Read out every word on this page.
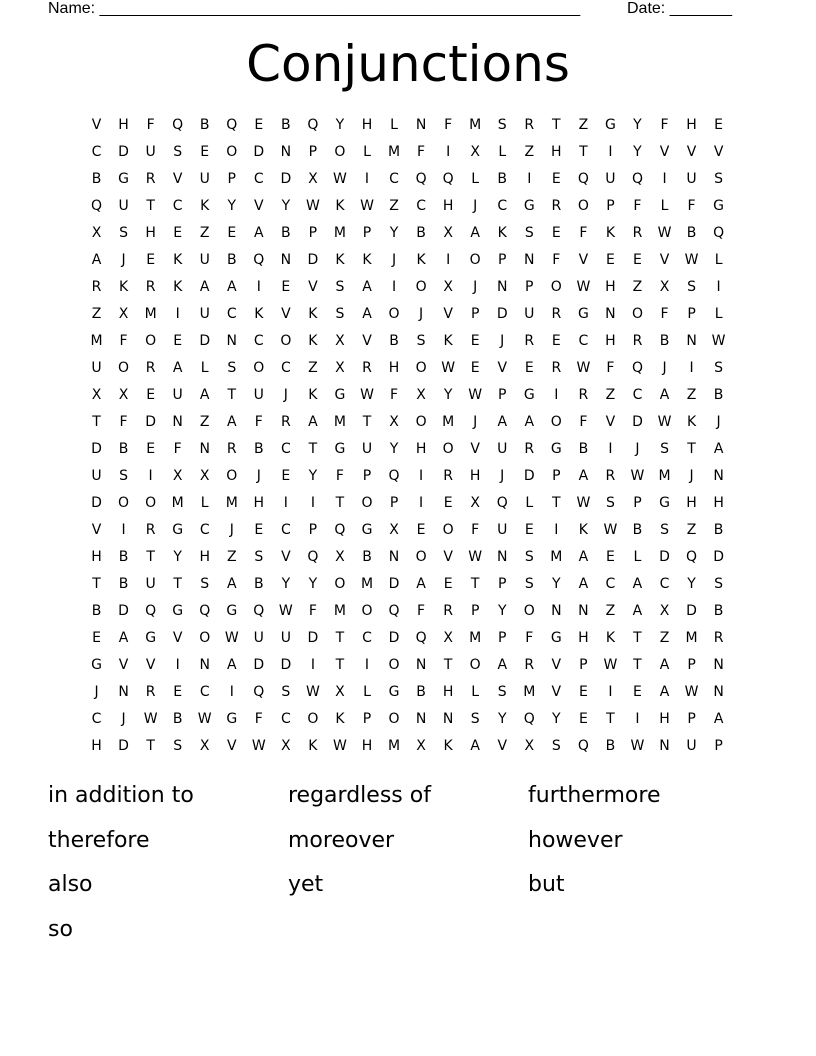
Name: ______________________________________________________	Date: _______
Conjunctions
V	H	F	Q	B	Q	E	B	Q	Y	H	L	N	F	M	S	R	T	Z	G	Y	F	H	E
C	D	U	S	E	O	D	N	P	O	L	M	F	I	X	L	Z	H	T	I	Y	V	V	V
B	G	R	V	U	P	C	D	X	W	I	C	Q	Q	L	B	I	E	Q	U	Q	I	U	S
Q	U	T	C	K	Y	V	Y	W	K	W	Z	C	H	J	C	G	R	O	P	F	L	F	G
X	S	H	E	Z	E	A	B	P	M	P	Y	B	X	A	K	S	E	F	K	R	W	B	Q
A	J	E	K	U	B	Q	N	D	K	K	J	K	I	O	P	N	F	V	E	E	V	W	L
R	K	R	K	A	A	I	E	V	S	A	I	O	X	J	N	P	O	W	H	Z	X	S	I
Z	X	M	I	U	C	K	V	K	S	A	O	J	V	P	D	U	R	G	N	O	F	P	L
M	F	O	E	D	N	C	O	K	X	V	B	S	K	E	J	R	E	C	H	R	B	N	W
U	O	R	A	L	S	O	C	Z	X	R	H	O	W	E	V	E	R	W	F	Q	J	I	S
X	X	E	U	A	T	U	J	K	G	W	F	X	Y	W	P	G	I	R	Z	C	A	Z	B
T	F	D	N	Z	A	F	R	A	M	T	X	O	M	J	A	A	O	F	V	D	W	K	J
D	B	E	F	N	R	B	C	T	G	U	Y	H	O	V	U	R	G	B	I	J	S	T	A
U	S	I	X	X	O	J	E	Y	F	P	Q	I	R	H	J	D	P	A	R	W	M	J	N
D	O	O	M	L	M	H	I	I	T	O	P	I	E	X	Q	L	T	W	S	P	G	H	H
V	I	R	G	C	J	E	C	P	Q	G	X	E	O	F	U	E	I	K	W	B	S	Z	B
H	B	T	Y	H	Z	S	V	Q	X	B	N	O	V	W	N	S	M	A	E	L	D	Q	D
T	B	U	T	S	A	B	Y	Y	O	M	D	A	E	T	P	S	Y	A	C	A	C	Y	S
B	D	Q	G	Q	G	Q	W	F	M	O	Q	F	R	P	Y	O	N	N	Z	A	X	D	B
E	A	G	V	O	W	U	U	D	T	C	D	Q	X	M	P	F	G	H	K	T	Z	M	R
G	V	V	I	N	A	D	D	I	T	I	O	N	T	O	A	R	V	P	W	T	A	P	N
J	N	R	E	C	I	Q	S	W	X	L	G	B	H	L	S	M	V	E	I	E	A	W	N
C	J	W	B	W	G	F	C	O	K	P	O	N	N	S	Y	Q	Y	E	T	I	H	P	A
H	D	T	S	X	V	W	X	K	W	H	M	X	K	A	V	X	S	Q	B	W	N	U	P
in addition to	regardless of	furthermore
therefore	moreover	however
also	yet	but
so
